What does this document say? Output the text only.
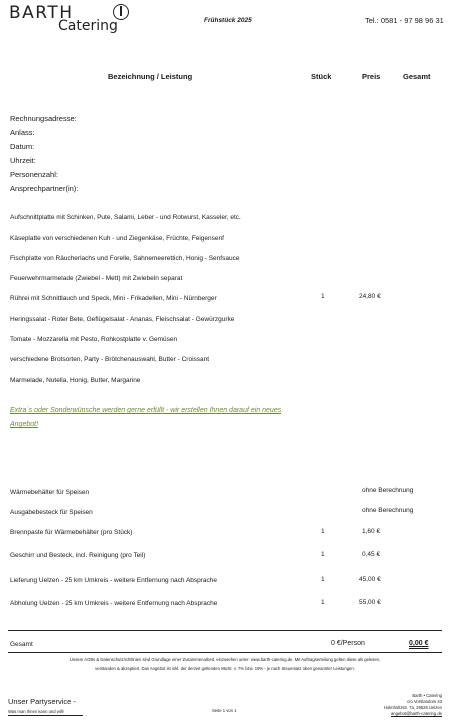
BARTH
Catering	Frühstück 2025	Tel.: 0581 - 97 98 96 31
Bezeichnung / Leistung	Stück	Preis	Gesamt
Rechnungsadresse:
Anlass:
Datum:
Uhrzeit:
Personenzahl:
Ansprechpartner(in):
Aufschnittplatte mit Schinken, Pute, Salami, Leber - und Rotwurst, Kasseler, etc.
Käseplatte von verschiedenen Kuh - und Ziegenkäse, Früchte, Feigensenf
Fischplatte von Räucherlachs und Forelle, Sahnemeerettich, Honig - Senfsauce
Feuerwehrmarmelade (Zwiebel - Mett) mit Zwiebeln separat
Rührei mit Schnittlauch und Speck, Mini - Frikadellen, Mini - Nürnberger	1	24,80 €
Heringssalat - Roter Bete, Geflügelsalat - Ananas, Fleischsalat - Gewürzgurke
Tomate - Mozzarella mit Pesto, Rohkostplatte v. Gemüsen
verschiedene Brotsorten, Party - Brötchenauswahl, Butter - Croissant
Marmelade, Nutella, Honig, Butter, Margarine
Extra´s oder Sonderwünsche werden gerne erfüllt - wir erstellen Ihnen darauf ein neues Angebot!
Wärmebehälter für Speisen	ohne Berechnung
Ausgabebesteck für Speisen	ohne Berechnung
Brennpaste für Wärmebehälter (pro Stück)	1	1,60 €
Geschirr und Besteck, incl. Reinigung (pro Teil)	1	0,45 €
Lieferung Uelzen - 25 km Umkreis - weitere Entfernung nach Absprache	1	45,00 €
Abholung Uelzen - 25 km Umkreis - weitere Entfernung nach Absprache	1	55,00 €
Gesamt	0 €/Person	0,00 €
Unsere AGBs & Datenschutzrichtlinien sind Grundlage einer Zusammenarbeit, einzusehen unter: www.barth-catering.de. Mit Auftragserteilung gelten diese als gelesen,
verstanden & akzeptiert. Das Angebot ist inkl. der derzeit geltenden MwSt. v. 7% bzw. 19% - je nach Steuersatz oben genannter Leistungen.
Unser Partyservice -
Was man Ihnen kann und will!	Seite 1 von 1
Barth • Catering
c/o Vorstandom 43
Holmholtzstr. 7a, 29525 Uelzen
angebot@barth-catering.de
